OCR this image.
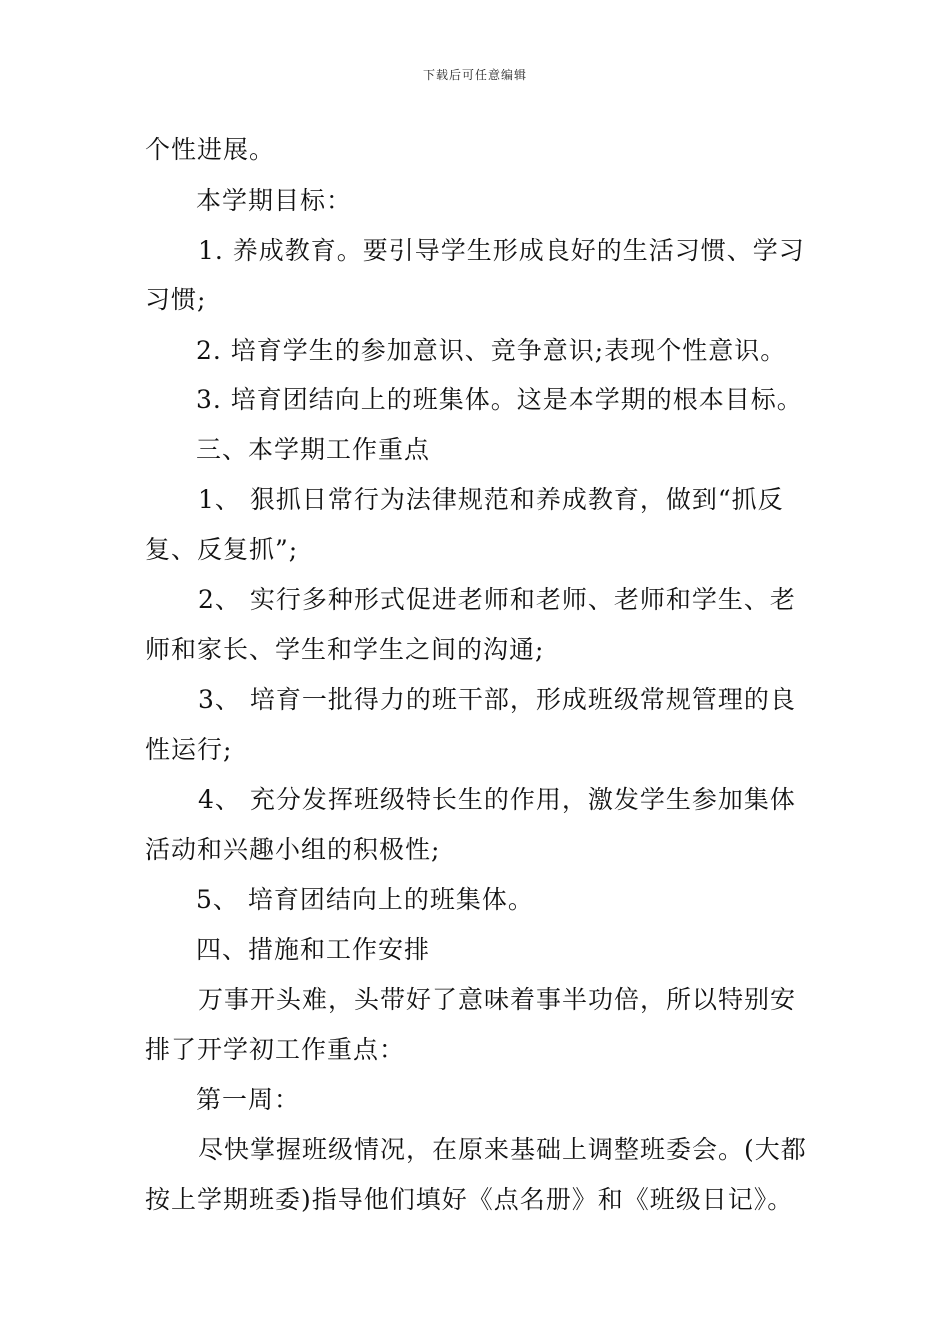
下载后可任意编辑
个性进展。
本学期目标：
1. 养成教育。要引导学生形成良好的生活习惯、学习
习惯;
2. 培育学生的参加意识、竞争意识;表现个性意识。
3. 培育团结向上的班集体。这是本学期的根本目标。
三、本学期工作重点
1、 狠抓日常行为法律规范和养成教育，做到“抓反
复、反复抓”;
2、 实行多种形式促进老师和老师、老师和学生、老
师和家长、学生和学生之间的沟通;
3、 培育一批得力的班干部，形成班级常规管理的良
性运行;
4、 充分发挥班级特长生的作用，激发学生参加集体
活动和兴趣小组的积极性;
5、 培育团结向上的班集体。
四、措施和工作安排
万事开头难，头带好了意味着事半功倍，所以特别安
排了开学初工作重点：
第一周：
尽快掌握班级情况，在原来基础上调整班委会。(大都
按上学期班委)指导他们填好《点名册》和《班级日记》。
